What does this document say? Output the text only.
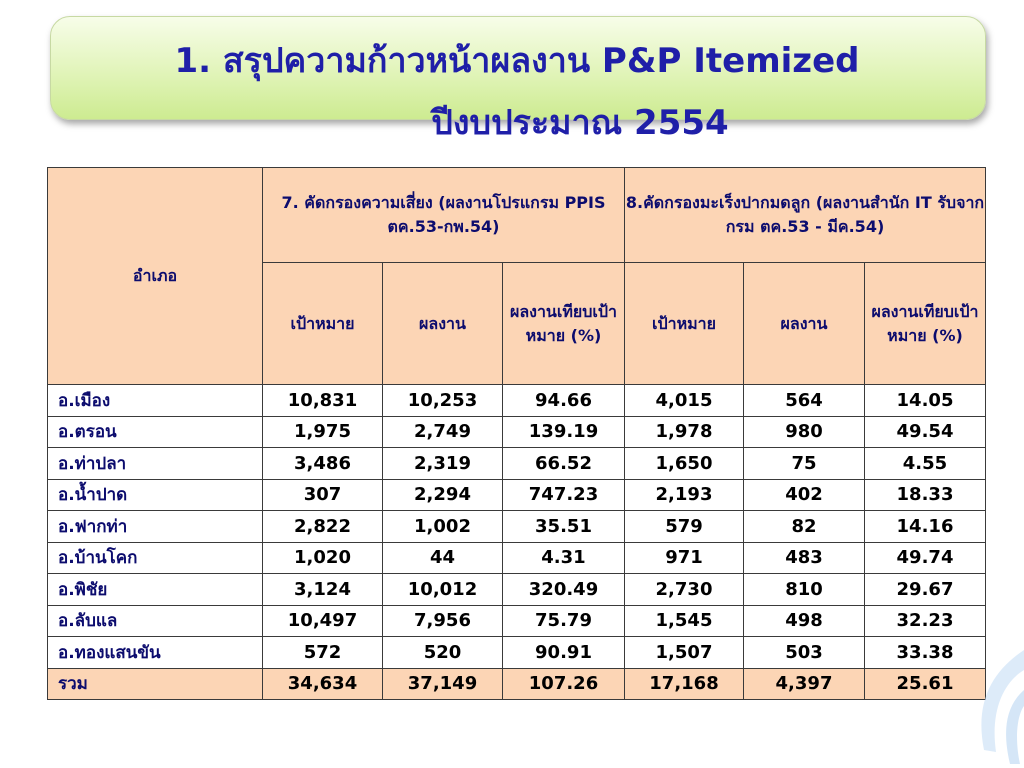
1. สรุปความก้าวหน้าผลงาน P&P Itemized
ปีงบประมาณ 2554
อำเภอ	7. คัดกรองความเสี่ยง (ผลงานโปรแกรม PPIS ตค.53-กพ.54)			8.คัดกรองมะเร็งปากมดลูก (ผลงานสำนัก IT รับจากกรม ตค.53 - มีค.54)		
	เป้าหมาย	ผลงาน	ผลงานเทียบเป้าหมาย (%)	เป้าหมาย	ผลงาน	ผลงานเทียบเป้าหมาย (%)
อ.เมือง	10,831	10,253	94.66	4,015	564	14.05
อ.ตรอน	1,975	2,749	139.19	1,978	980	49.54
อ.ท่าปลา	3,486	2,319	66.52	1,650	75	4.55
อ.น้ำปาด	307	2,294	747.23	2,193	402	18.33
อ.ฟากท่า	2,822	1,002	35.51	579	82	14.16
อ.บ้านโคก	1,020	44	4.31	971	483	49.74
อ.พิชัย	3,124	10,012	320.49	2,730	810	29.67
อ.ลับแล	10,497	7,956	75.79	1,545	498	32.23
อ.ทองแสนขัน	572	520	90.91	1,507	503	33.38
รวม	34,634	37,149	107.26	17,168	4,397	25.61
